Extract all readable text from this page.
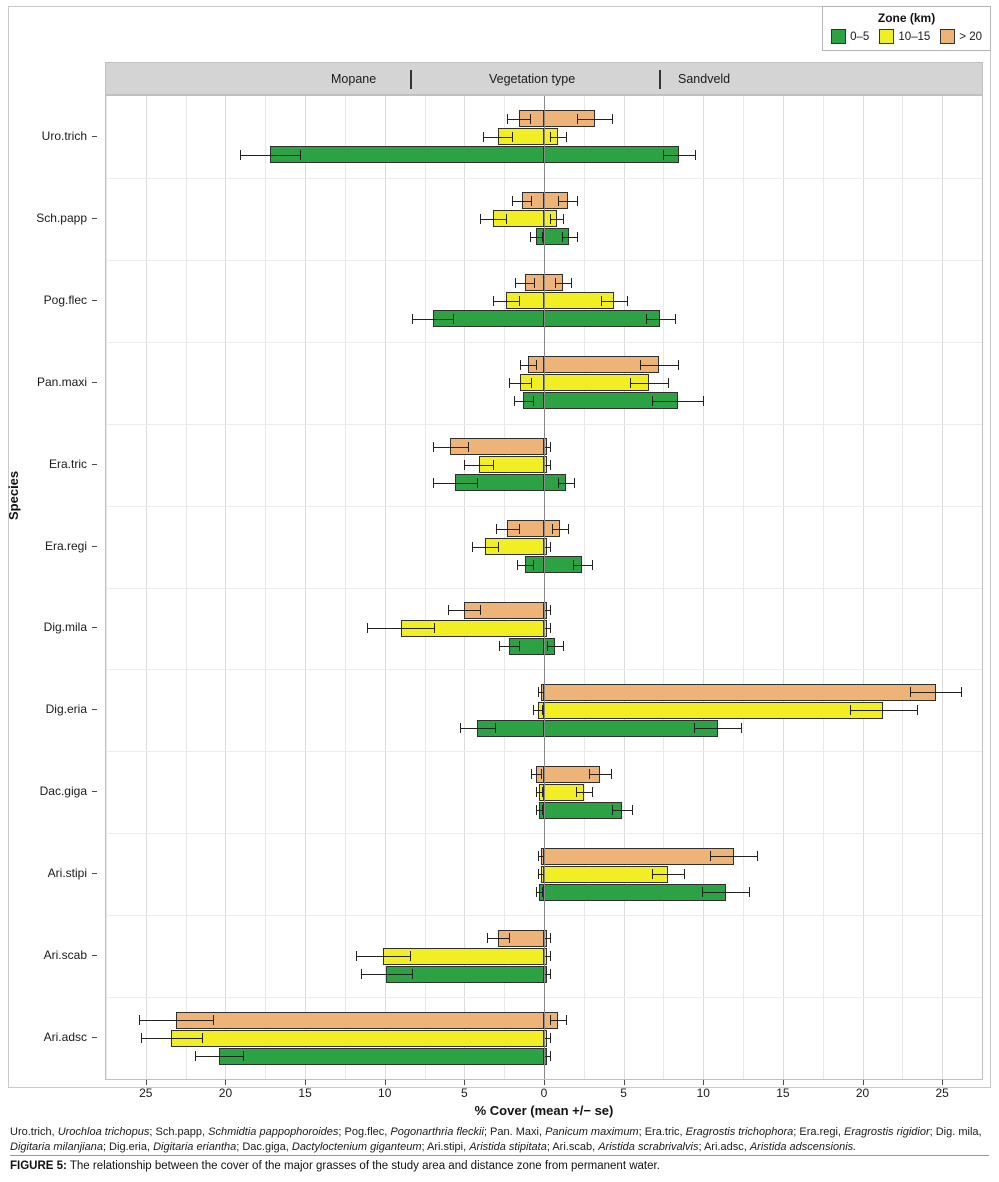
Zone (km)
0–5	10–15	> 20
Mopane	Vegetation type	Sandveld
Uro.trich
Sch.papp
Pog.flec
Pan.maxi
Era.tric
Era.regi
Dig.mila
Dig.eria
Dac.giga
Ari.stipi
Ari.scab
Ari.adsc
Species
25	20	15	10	5	0	5	10	15	20	25
% Cover (mean +/− se)
Uro.trich, Urochloa trichopus; Sch.papp, Schmidtia pappophoroides; Pog.flec, Pogonarthria fleckii; Pan. Maxi, Panicum maximum; Era.tric, Eragrostis trichophora; Era.regi, Eragrostis rigidior; Dig. mila, Digitaria milanjiana; Dig.eria, Digitaria eriantha; Dac.giga, Dactyloctenium giganteum; Ari.stipi, Aristida stipitata; Ari.scab, Aristida scrabrivalvis; Ari.adsc, Aristida adscensionis.
FIGURE 5: The relationship between the cover of the major grasses of the study area and distance zone from permanent water.
